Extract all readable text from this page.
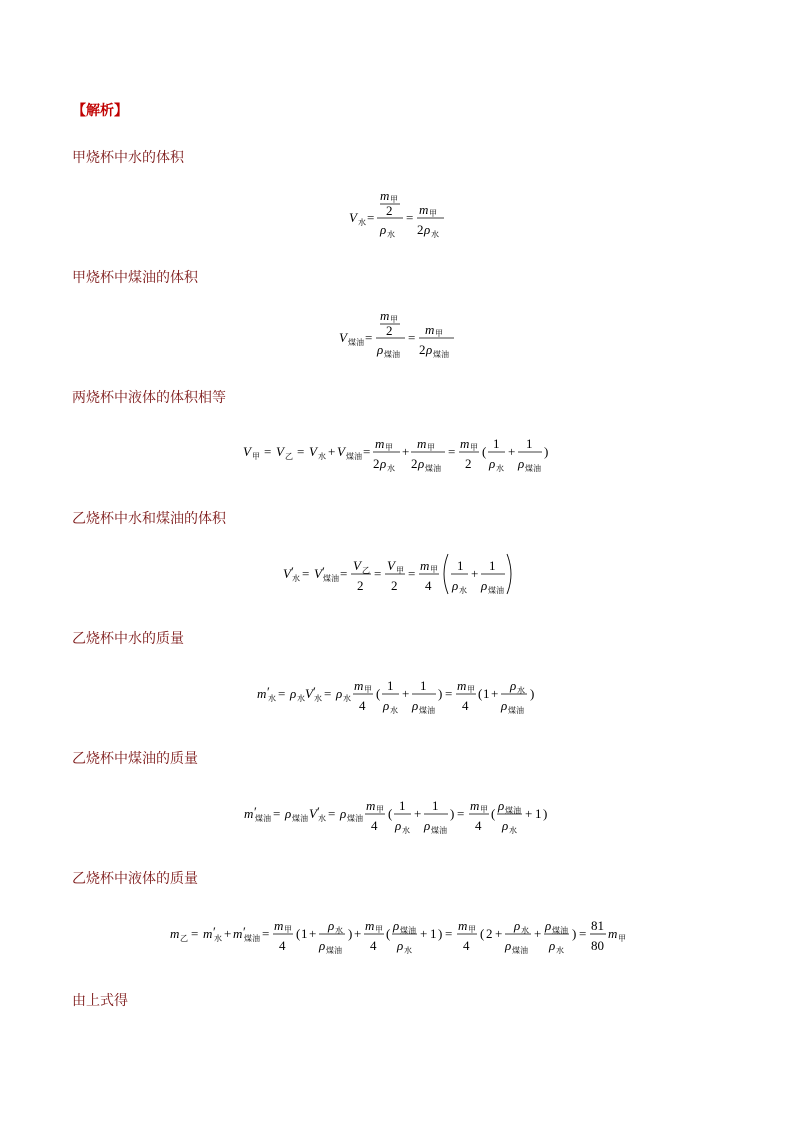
【解析】
甲烧杯中水的体积
V 水 =
m 甲
2
ρ 水
=
m 甲
2 ρ 水
甲烧杯中煤油的体积
V 煤油 =
m 甲
2
ρ 煤油
=
m 甲
2 ρ 煤油
两烧杯中液体的体积相等
V 甲 = V 乙 = V 水 + V 煤油 =
m 甲
2 ρ 水
+
m 甲
2 ρ 煤油
=
m 甲
2
(
1
ρ 水
+
1
ρ 煤油
)
乙烧杯中水和煤油的体积
V ′
水 = V ′
煤油 =
V 乙
2
=
V 甲
2
=
m 甲
4
1
ρ 水
+
1
ρ 煤油
乙烧杯中水的质量
m ′
水 = ρ 水 V ′
水 = ρ 水
m 甲
4
(
1
ρ 水
+
1
ρ 煤油
) =
m 甲
4
( 1 +
ρ 水
ρ 煤油
)
乙烧杯中煤油的质量
m ′
煤油 = ρ 煤油 V ′
水 = ρ 煤油
m 甲
4
(
1
ρ 水
+
1
ρ 煤油
) =
m 甲
4
(
ρ 煤油
ρ 水
+ 1 )
乙烧杯中液体的质量
m 乙 = m ′
水 + m ′
煤油 =
m 甲
4
( 1 +
ρ 水
ρ 煤油
) +
m 甲
4
(
ρ 煤油
ρ 水
+ 1 ) =
m 甲
4
( 2 +
ρ 水
ρ 煤油
+
ρ 煤油
ρ 水
) =
81
80
m 甲
由上式得
